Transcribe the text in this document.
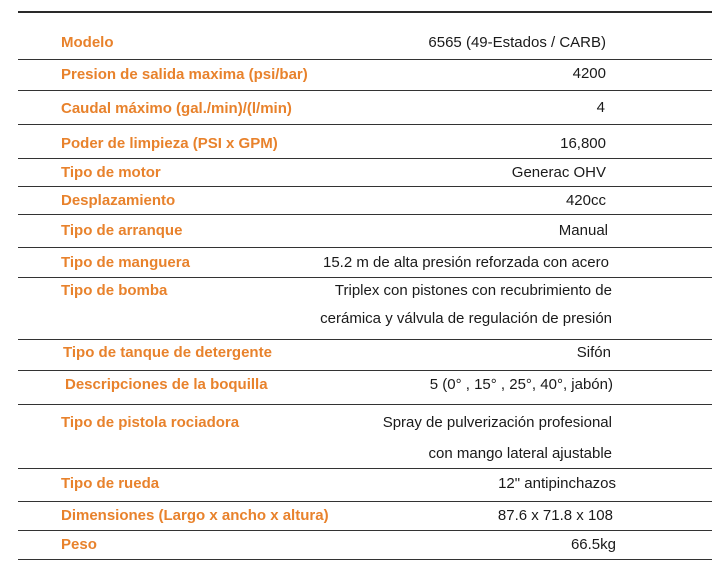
Modelo	6565 (49-Estados / CARB)
Presion de salida maxima (psi/bar)	4200
Caudal máximo (gal./min)/(l/min)	4
Poder de limpieza (PSI x GPM)	16,800
Tipo de motor	Generac OHV
Desplazamiento	420cc
Tipo de arranque	Manual
Tipo de manguera	15.2 m de alta presión reforzada con acero
Tipo de bomba	Triplex con pistones con recubrimiento de
cerámica y válvula de regulación de presión
Tipo de tanque de detergente	Sifón
Descripciones de la boquilla	5 (0° , 15° , 25°, 40°, jabón)
Tipo de pistola rociadora	Spray de pulverización profesional
con mango lateral ajustable
Tipo de rueda	12" antipinchazos
Dimensiones (Largo x ancho x altura)	87.6 x 71.8 x 108
Peso	66.5kg
